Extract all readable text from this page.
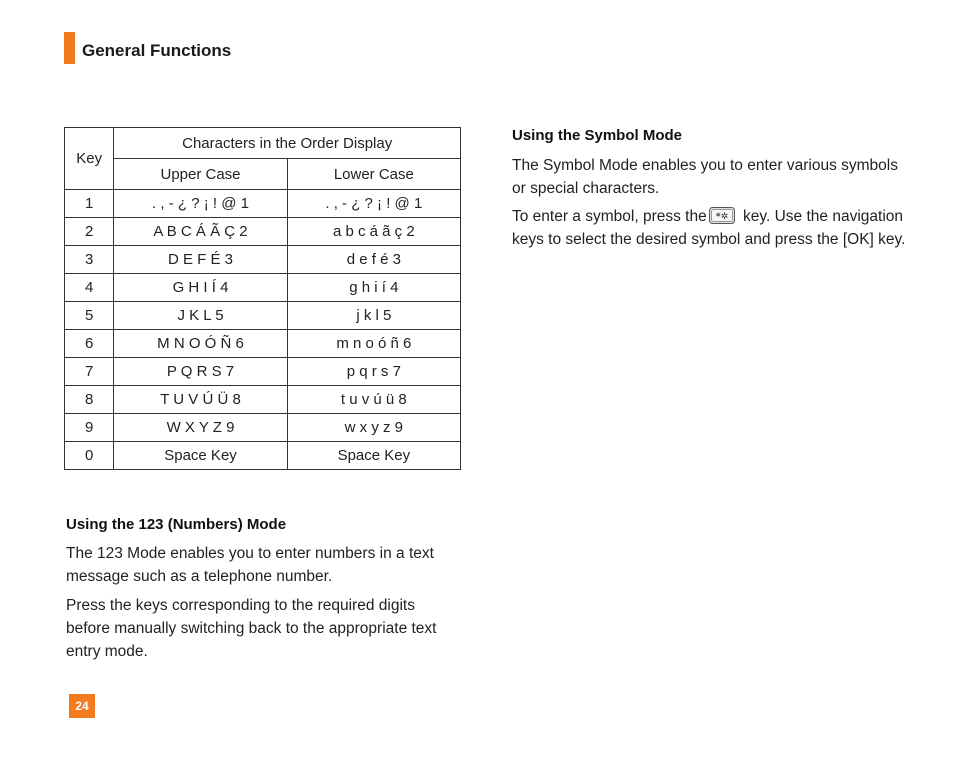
General Functions
Key	Characters in the Order Display	
	Upper Case	Lower Case
1	. , - ¿ ? ¡ ! @ 1	. , - ¿ ? ¡ ! @ 1
2	A B C Á Ã Ç 2	a b c á ã ç 2
3	D E F É 3	d e f é 3
4	G H I Í 4	g h i í 4
5	J K L 5	j k l 5
6	M N O Ó Ñ 6	m n o ó ñ 6
7	P Q R S 7	p q r s 7
8	T U V Ú Ü 8	t u v ú ü 8
9	W X Y Z 9	w x y z 9
0	Space Key	Space Key
Using the 123 (Numbers) Mode
The 123 Mode enables you to enter numbers in a text message such as a telephone number.
Press the keys corresponding to the required digits before manually switching back to the appropriate text entry mode.
Using the Symbol Mode
The Symbol Mode enables you to enter various symbols or special characters.
To enter a symbol, press the *✲ key. Use the navigation keys to select the desired symbol and press the [OK] key.
24
